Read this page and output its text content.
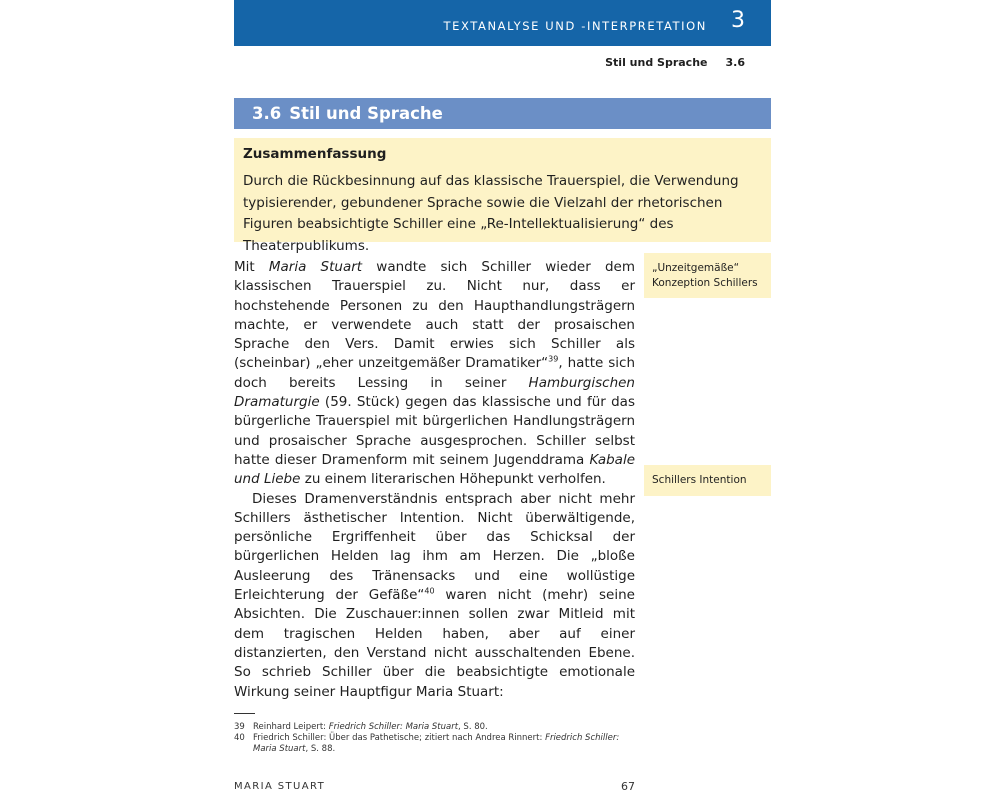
TEXTANALYSE UND -INTERPRETATION 3
Stil und Sprache 3.6
3.6 Stil und Sprache
Zusammenfassung
Durch die Rückbesinnung auf das klassische Trauerspiel, die Verwendung typisierender, gebundener Sprache sowie die Vielzahl der rhetorischen Figuren beabsichtigte Schiller eine „Re-Intellektualisierung“ des Theaterpublikums.

Mit Maria Stuart wandte sich Schiller wieder dem klassischen Trauerspiel zu. Nicht nur, dass er hochstehende Personen zu den Haupthandlungsträgern machte, er verwendete auch statt der prosaischen Sprache den Vers. Damit erwies sich Schiller als (scheinbar) „eher unzeitgemäßer Dramatiker“$^{39}$, hatte sich doch bereits Lessing in seiner Hamburgischen Dramaturgie (59. Stück) gegen das klassische und für das bürgerliche Trauerspiel mit bürgerlichen Handlungsträgern und prosaischer Sprache ausgesprochen. Schiller selbst hatte dieser Dramenform mit seinem Jugenddrama Kabale und Liebe zu einem literarischen Höhepunkt verholfen.

Dieses Dramenverständnis entsprach aber nicht mehr Schillers ästhetischer Intention. Nicht überwältigende, persönliche Ergriffenheit über das Schicksal der bürgerlichen Helden lag ihm am Herzen. Die „bloße Ausleerung des Tränensacks und eine wollüstige Erleichterung der Gefäße“$^{40}$ waren nicht (mehr) seine Absichten. Die Zuschauer:innen sollen zwar Mitleid mit dem tragischen Helden haben, aber auf einer distanzierten, den Verstand nicht ausschaltenden Ebene. So schrieb Schiller über die beabsichtigte emotionale Wirkung seiner Hauptfigur Maria Stuart:

„Unzeitgemäße“ Konzeption Schillers
Schillers Intention
39 Reinhard Leipert: Friedrich Schiller: Maria Stuart, S. 80.
40 Friedrich Schiller: Über das Pathetische; zitiert nach Andrea Rinnert: Friedrich Schiller: Maria Stuart, S. 88.
MARIA STUART	67
